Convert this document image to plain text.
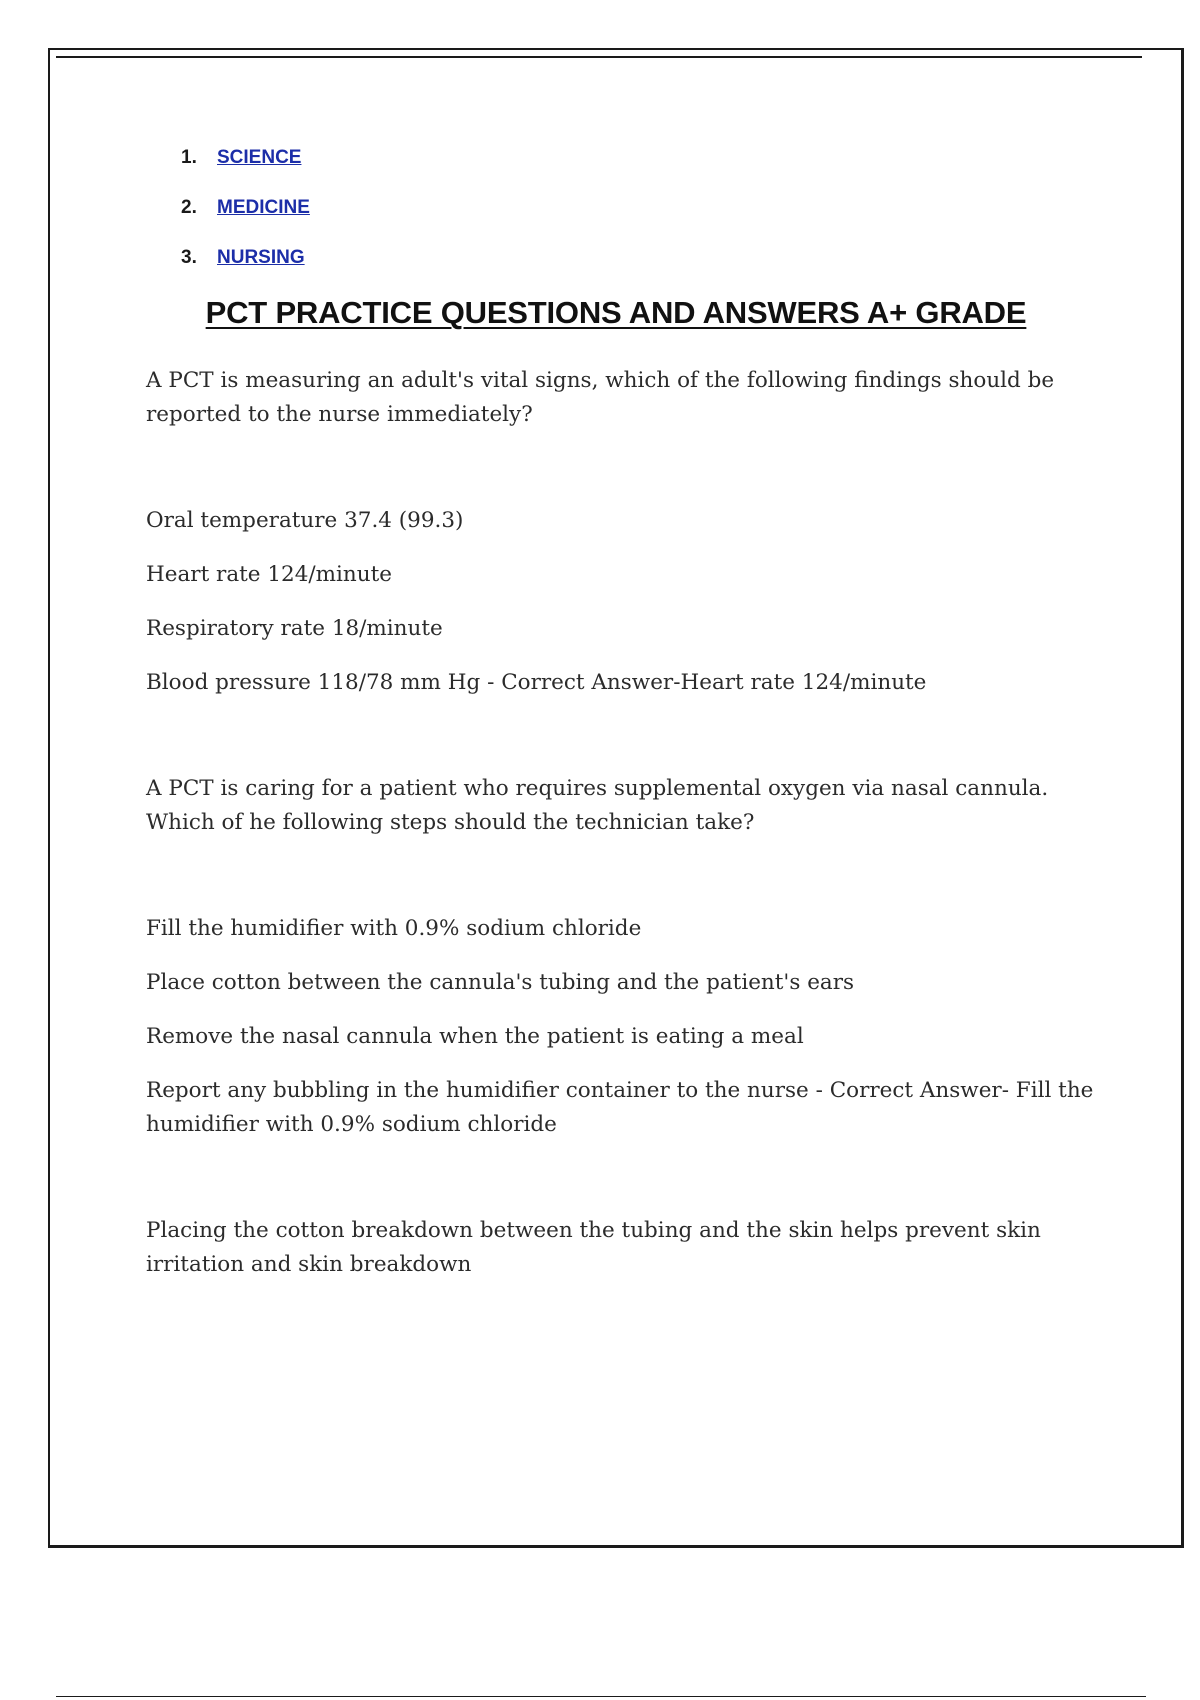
1. SCIENCE
2. MEDICINE
3. NURSING
PCT PRACTICE QUESTIONS AND ANSWERS A+ GRADE

A PCT is measuring an adult's vital signs, which of the following findings should be reported to the nurse immediately?

Oral temperature 37.4 (99.3)

Heart rate 124/minute

Respiratory rate 18/minute

Blood pressure 118/78 mm Hg - Correct Answer-Heart rate 124/minute

A PCT is caring for a patient who requires supplemental oxygen via nasal cannula. Which of he following steps should the technician take?

Fill the humidifier with 0.9% sodium chloride

Place cotton between the cannula's tubing and the patient's ears

Remove the nasal cannula when the patient is eating a meal

Report any bubbling in the humidifier container to the nurse - Correct Answer- Fill the humidifier with 0.9% sodium chloride

Placing the cotton breakdown between the tubing and the skin helps prevent skin irritation and skin breakdown
